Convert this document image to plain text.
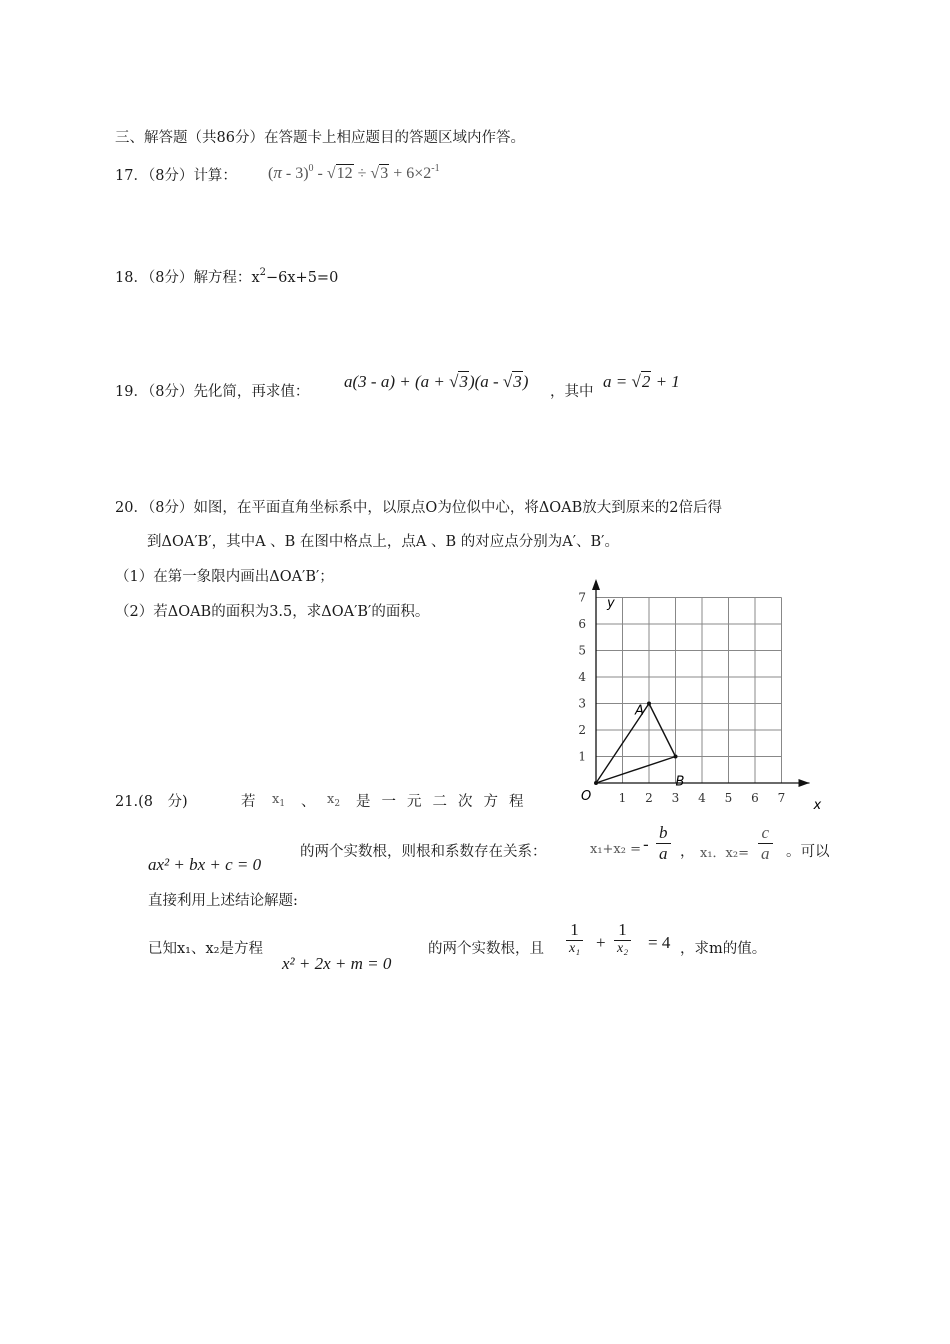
三、解答题（共86分）在答题卡上相应题目的答题区域内作答。
17．（8分）计算： $(\pi - 3)^0 - √12 \div √3 + 6\times 2^{-1}$
18．（8分）解方程：$x^2-6x+5=0$
19．（8分）先化简，再求值：
a(3 - a) + (a + √3)(a - √3)
，其中
a = √2 + 1
20．（8分）如图，在平面直角坐标系中，以原点O为位似中心，将ΔOAB放大到原来的2倍后得
到ΔOA′B′，其中A 、B 在图中格点上，点A 、B 的对应点分别为A′、B′。
（1）在第一象限内画出ΔOA′B′；
（2）若ΔOAB的面积为3.5，求ΔOA′B′的面积。
1 2 3 4 5 6 7
1
2
3
4
5
6
7
x
y
O
A
B
21.(8　分)	若 $x_1$ 、 $x_2$ 是 一 元 二 次 方 程
ax² + bx + c = 0
的两个实数根，则根和系数存在关系：	x₁+x₂ = - $\frac{b}{a}$ ， x₁．$x_2= \frac{c}{a}$ 。可以
直接利用上述结论解题:
已知x₁、x₂是方程
x² + 2x + m = 0
的两个实数根，且 $\frac{1}{\text{x₁}} + \frac{1}{\text{x₂}} = 4$ ，求m的值。
